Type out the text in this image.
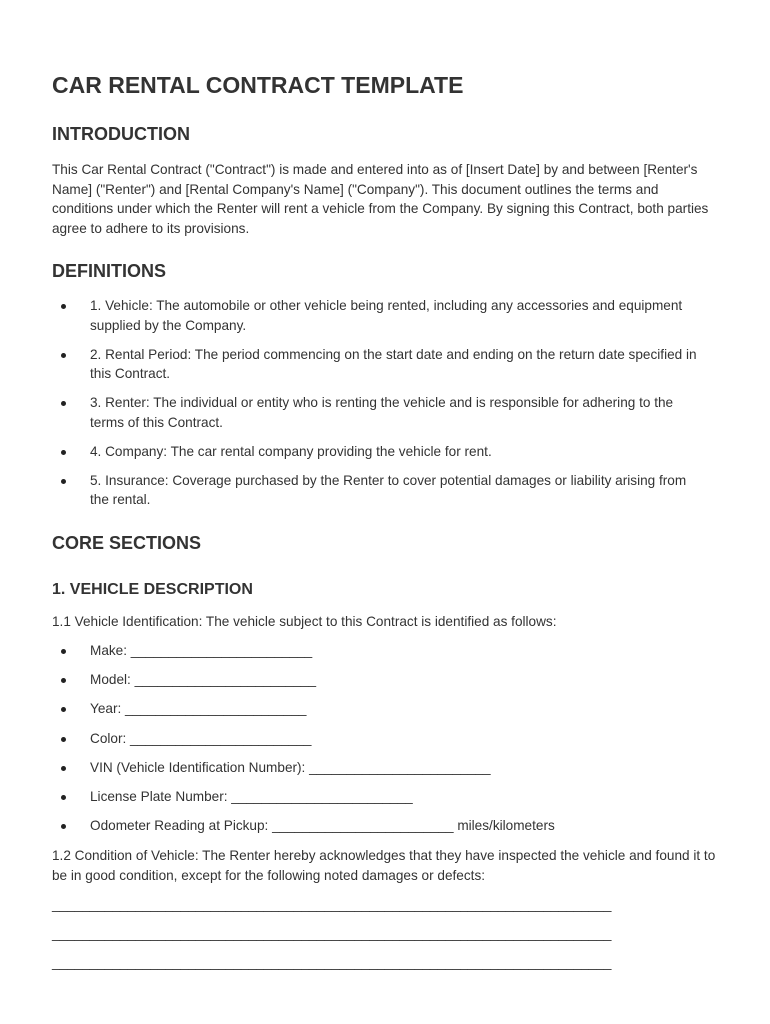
CAR RENTAL CONTRACT TEMPLATE
INTRODUCTION

This Car Rental Contract ("Contract") is made and entered into as of [Insert Date] by and between [Renter's Name] ("Renter") and [Rental Company's Name] ("Company"). This document outlines the terms and conditions under which the Renter will rent a vehicle from the Company. By signing this Contract, both parties agree to adhere to its provisions.

DEFINITIONS
1. Vehicle: The automobile or other vehicle being rented, including any accessories and equipment supplied by the Company.
2. Rental Period: The period commencing on the start date and ending on the return date specified in this Contract.
3. Renter: The individual or entity who is renting the vehicle and is responsible for adhering to the terms of this Contract.
4. Company: The car rental company providing the vehicle for rent.
5. Insurance: Coverage purchased by the Renter to cover potential damages or liability arising from the rental.
CORE SECTIONS
1. VEHICLE DESCRIPTION

1.1 Vehicle Identification: The vehicle subject to this Contract is identified as follows:

Make: ________________________
Model: ________________________
Year: ________________________
Color: ________________________
VIN (Vehicle Identification Number): ________________________
License Plate Number: ________________________
Odometer Reading at Pickup: ________________________ miles/kilometers

1.2 Condition of Vehicle: The Renter hereby acknowledges that they have inspected the vehicle and found it to be in good condition, except for the following noted damages or defects:

__________________________________________________________________________
__________________________________________________________________________
__________________________________________________________________________
